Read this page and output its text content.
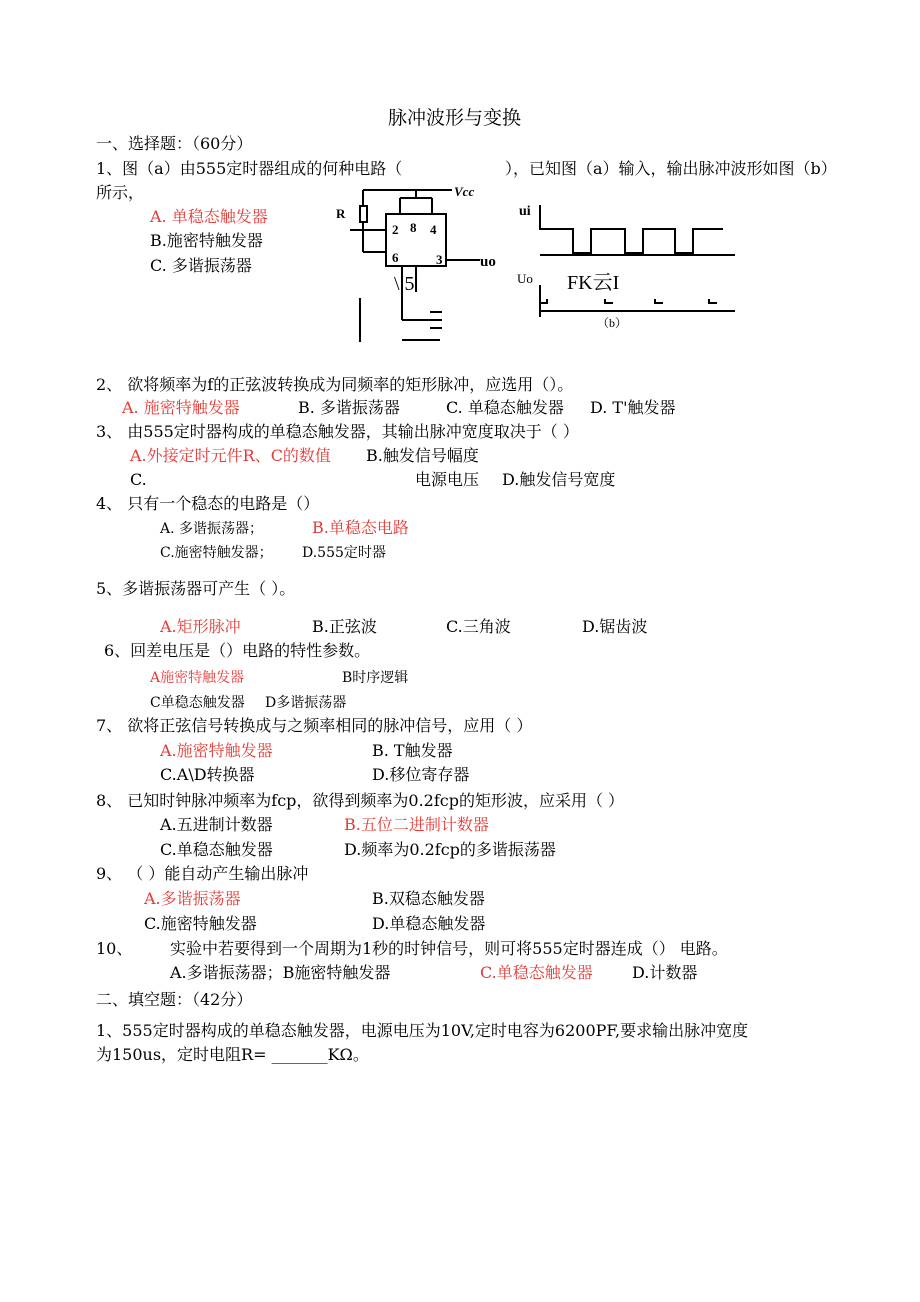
脉冲波形与变换
一、选择题：（60分）
1、图（a）由555定时器组成的何种电路（	），已知图（a）输入，输出脉冲波形如图（b）
所示，
A. 单稳态触发器
B.施密特触发器
C. 多谐振荡器
R
Vcc
2 8 4
6	3	uo
\ 5
ui
Uo FK云I
（b）
2、 欲将频率为f的正弦波转换成为同频率的矩形脉冲，应选用（）。
A. 施密特触发器	B. 多谐振荡器	C. 单稳态触发器 D. T'触发器
3、 由555定时器构成的单稳态触发器，其输出脉冲宽度取决于（ ）
A.外接定时元件R、C的数值 B.触发信号幅度
C.	电源电压 D.触发信号宽度
4、 只有一个稳态的电路是（）
A. 多谐振荡器；	B.单稳态电路
C.施密特触发器； D.555定时器
5、多谐振荡器可产生（ ）。
A.矩形脉冲	B.正弦波	C.三角波	D.锯齿波
6、回差电压是（）电路的特性参数。
A施密特触发器	B时序逻辑
C单稳态触发器 D多谐振荡器
7、 欲将正弦信号转换成与之频率相同的脉冲信号，应用（ ）
A.施密特触发器	B. T触发器
C.A\D转换器	D.移位寄存器
8、 已知时钟脉冲频率为fcp，欲得到频率为0.2fcp的矩形波，应采用（ ）
A.五进制计数器	B.五位二进制计数器
C.单稳态触发器	D.频率为0.2fcp的多谐振荡器
9、 （ ）能自动产生输出脉冲
A.多谐振荡器	B.双稳态触发器
C.施密特触发器	D.单稳态触发器
10、 实验中若要得到一个周期为1秒的时钟信号，则可将555定时器连成（） 电路。
A.多谐振荡器；B施密特触发器	C.单稳态触发器 D.计数器
二、填空题：（42分）
1、555定时器构成的单稳态触发器，电源电压为10V,定时电容为6200PF,要求输出脉冲宽度
为150us，定时电阻R= _______KΩ。
